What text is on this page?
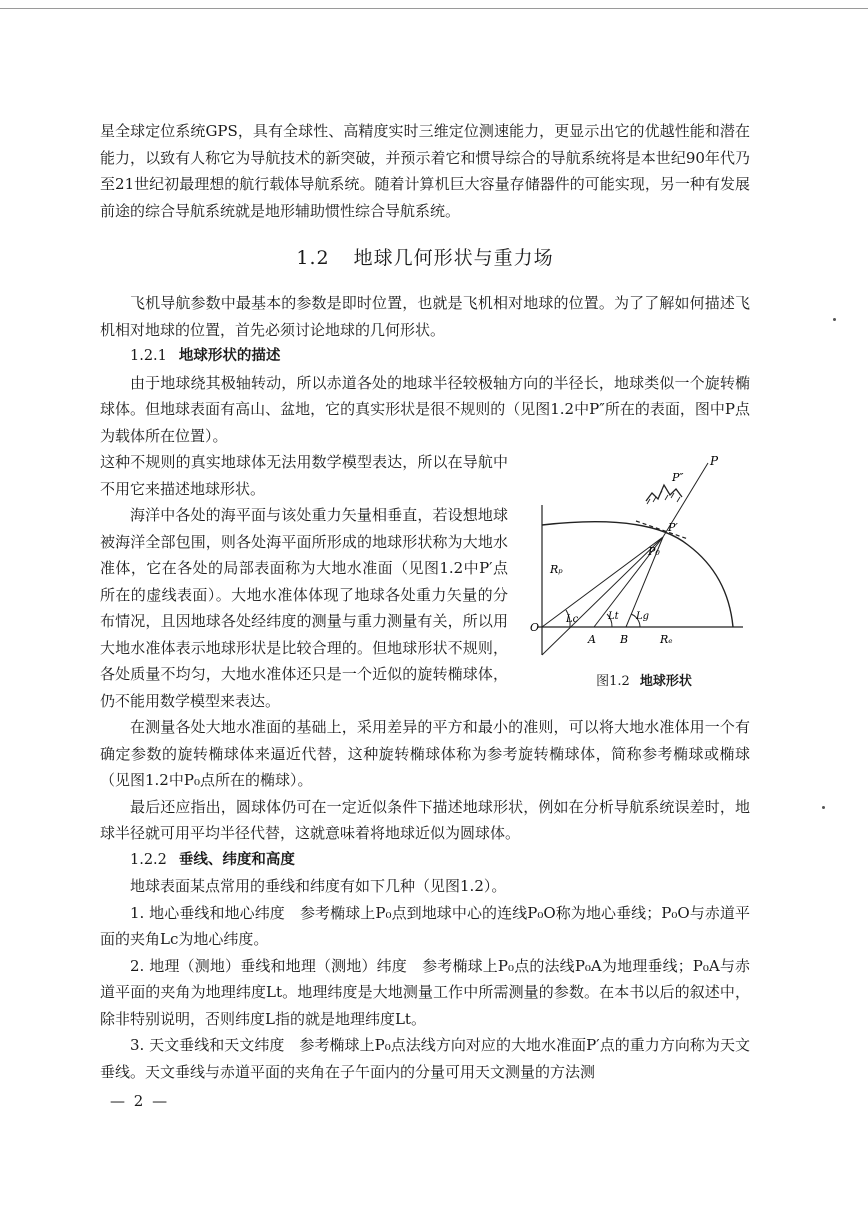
星全球定位系统GPS，具有全球性、高精度实时三维定位测速能力，更显示出它的优越性能和潜在能力，以致有人称它为导航技术的新突破，并预示着它和惯导综合的导航系统将是本世纪90年代乃至21世纪初最理想的航行载体导航系统。随着计算机巨大容量存储器件的可能实现，另一种有发展前途的综合导航系统就是地形辅助惯性综合导航系统。

1.2 地球几何形状与重力场

飞机导航参数中最基本的参数是即时位置，也就是飞机相对地球的位置。为了了解如何描述飞机相对地球的位置，首先必须讨论地球的几何形状。

1.2.1 地球形状的描述

由于地球绕其极轴转动，所以赤道各处的地球半径较极轴方向的半径长，地球类似一个旋转椭球体。但地球表面有高山、盆地，它的真实形状是很不规则的（见图1.2中P″所在的表面，图中P点为载体所在位置）。

P
P″
P′
P₀
Rₚ
O
A B	Rₑ
Lc	Lt Lg
图1.2 地球形状

这种不规则的真实地球体无法用数学模型表达，所以在导航中不用它来描述地球形状。

海洋中各处的海平面与该处重力矢量相垂直，若设想地球被海洋全部包围，则各处海平面所形成的地球形状称为大地水准体，它在各处的局部表面称为大地水准面（见图1.2中P′点所在的虚线表面）。大地水准体体现了地球各处重力矢量的分布情况，且因地球各处经纬度的测量与重力测量有关，所以用大地水准体表示地球形状是比较合理的。但地球形状不规则，各处质量不均匀，大地水准体还只是一个近似的旋转椭球体，仍不能用数学模型来表达。

在测量各处大地水准面的基础上，采用差异的平方和最小的准则，可以将大地水准体用一个有确定参数的旋转椭球体来逼近代替，这种旋转椭球体称为参考旋转椭球体，简称参考椭球或椭球（见图1.2中P₀点所在的椭球）。

最后还应指出，圆球体仍可在一定近似条件下描述地球形状，例如在分析导航系统误差时，地球半径就可用平均半径代替，这就意味着将地球近似为圆球体。

1.2.2 垂线、纬度和高度

地球表面某点常用的垂线和纬度有如下几种（见图1.2）。

1. 地心垂线和地心纬度　参考椭球上P₀点到地球中心的连线P₀O称为地心垂线；P₀O与赤道平面的夹角Lc为地心纬度。

2. 地理（测地）垂线和地理（测地）纬度　参考椭球上P₀点的法线P₀A为地理垂线；P₀A与赤道平面的夹角为地理纬度Lt。地理纬度是大地测量工作中所需测量的参数。在本书以后的叙述中，除非特别说明，否则纬度L指的就是地理纬度Lt。

3. 天文垂线和天文纬度　参考椭球上P₀点法线方向对应的大地水准面P′点的重力方向称为天文垂线。天文垂线与赤道平面的夹角在子午面内的分量可用天文测量的方法测

— 2 —
